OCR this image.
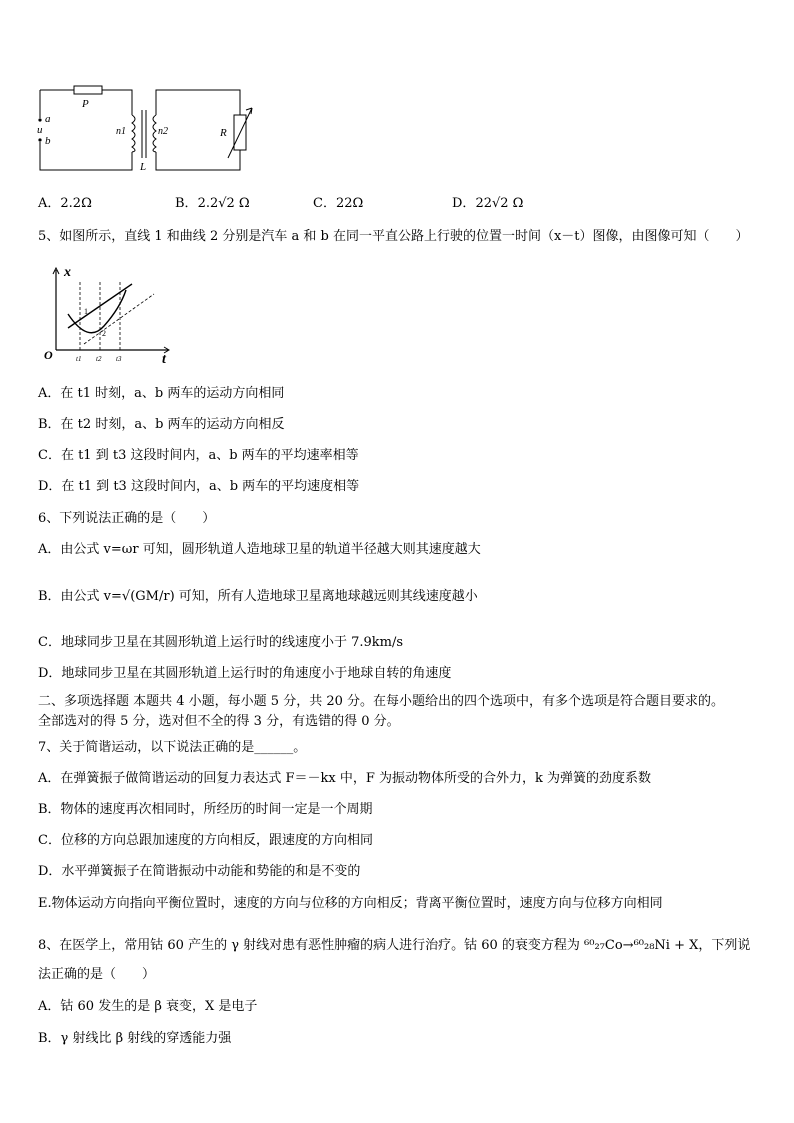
P
a
u
b
n1	n2
L
R
A．2.2Ω	B．2.2√2 Ω	C．22Ω	D．22√2 Ω
5、如图所示，直线 1 和曲线 2 分别是汽车 a 和 b 在同一平直公路上行驶的位置一时间（x－t）图像，由图像可知（　　）
x
t
O
1
2
t1 t2 t3
A．在 t1 时刻，a、b 两车的运动方向相同
B．在 t2 时刻，a、b 两车的运动方向相反
C．在 t1 到 t3 这段时间内，a、b 两车的平均速率相等
D．在 t1 到 t3 这段时间内，a、b 两车的平均速度相等
6、下列说法正确的是（　　）
A．由公式 v=ωr 可知，圆形轨道人造地球卫星的轨道半径越大则其速度越大
B．由公式 v=√(GM/r) 可知，所有人造地球卫星离地球越远则其线速度越小
C．地球同步卫星在其圆形轨道上运行时的线速度小于 7.9km/s
D．地球同步卫星在其圆形轨道上运行时的角速度小于地球自转的角速度
二、多项选择题 本题共 4 小题，每小题 5 分，共 20 分。在每小题给出的四个选项中，有多个选项是符合题目要求的。
全部选对的得 5 分，选对但不全的得 3 分，有选错的得 0 分。
7、关于简谐运动，以下说法正确的是______。
A．在弹簧振子做简谐运动的回复力表达式 F＝－kx 中，F 为振动物体所受的合外力，k 为弹簧的劲度系数
B．物体的速度再次相同时，所经历的时间一定是一个周期
C．位移的方向总跟加速度的方向相反，跟速度的方向相同
D．水平弹簧振子在简谐振动中动能和势能的和是不变的
E.物体运动方向指向平衡位置时，速度的方向与位移的方向相反；背离平衡位置时，速度方向与位移方向相同
8、在医学上，常用钴 60 产生的 γ 射线对患有恶性肿瘤的病人进行治疗。钴 60 的衰变方程为 ⁶⁰₂₇Co→⁶⁰₂₈Ni + X，下列说
法正确的是（　　）
A．钴 60 发生的是 β 衰变，X 是电子
B．γ 射线比 β 射线的穿透能力强
